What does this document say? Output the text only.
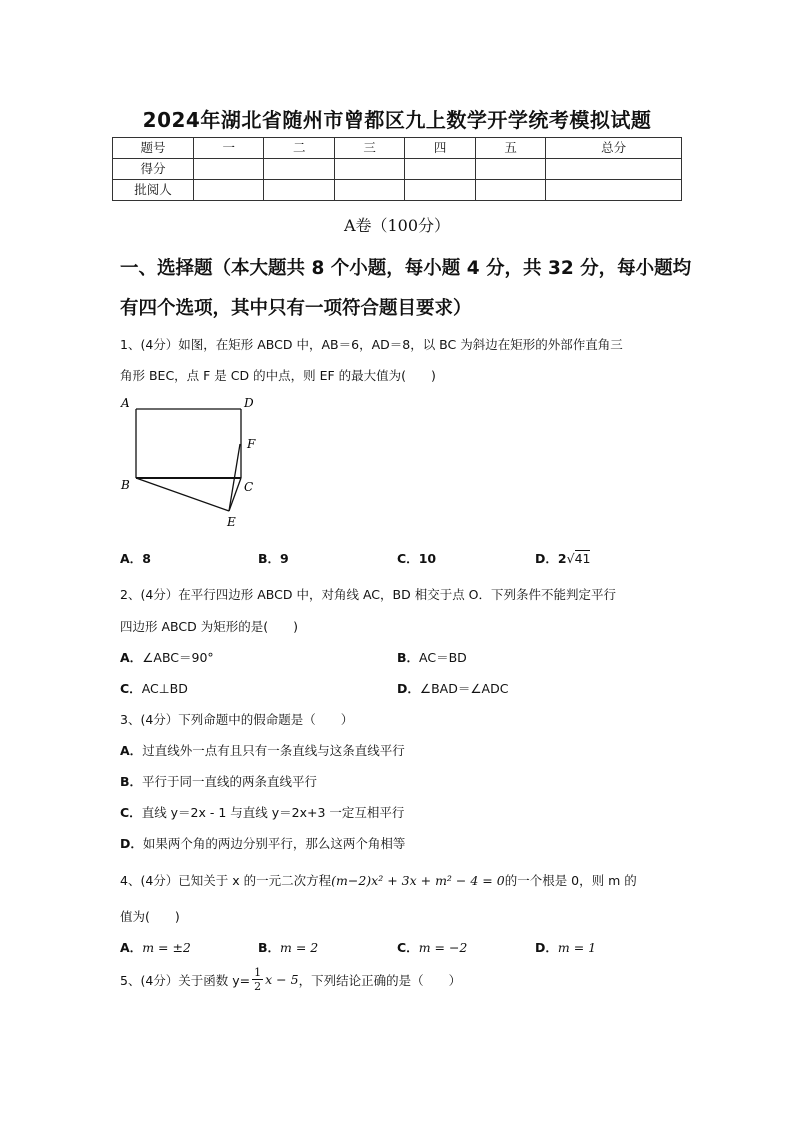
2024年湖北省随州市曾都区九上数学开学统考模拟试题
题号	一	二	三	四	五	总分
得分						
批阅人						
A卷（100分）
一、选择题（本大题共 8 个小题，每小题 4 分，共 32 分，每小题均
有四个选项，其中只有一项符合题目要求）
1、(4分）如图，在矩形 ABCD 中，AB＝6，AD＝8，以 BC 为斜边在矩形的外部作直角三
角形 BEC，点 F 是 CD 的中点，则 EF 的最大值为(　　)
A	D
F
B	C
E
A．8	B．9	C．10	D．2√41
2、(4分）在平行四边形 ABCD 中，对角线 AC，BD 相交于点 O．下列条件不能判定平行
四边形 ABCD 为矩形的是(　　)
A．∠ABC＝90°	B．AC＝BD
C．AC⊥BD	D．∠BAD＝∠ADC
3、(4分）下列命题中的假命题是（　　）
A．过直线外一点有且只有一条直线与这条直线平行
B．平行于同一直线的两条直线平行
C．直线 y＝2x - 1 与直线 y＝2x+3 一定互相平行
D．如果两个角的两边分别平行，那么这两个角相等
4、(4分）已知关于 x 的一元二次方程(m−2)x² + 3x + m² − 4 = 0的一个根是 0，则 m 的
值为(　　)
A．m = ±2	B．m = 2	C．m = −2	D．m = 1
5、(4分）关于函数 $y= \frac{1}{2}$ x − 5 ，下列结论正确的是（　　）
